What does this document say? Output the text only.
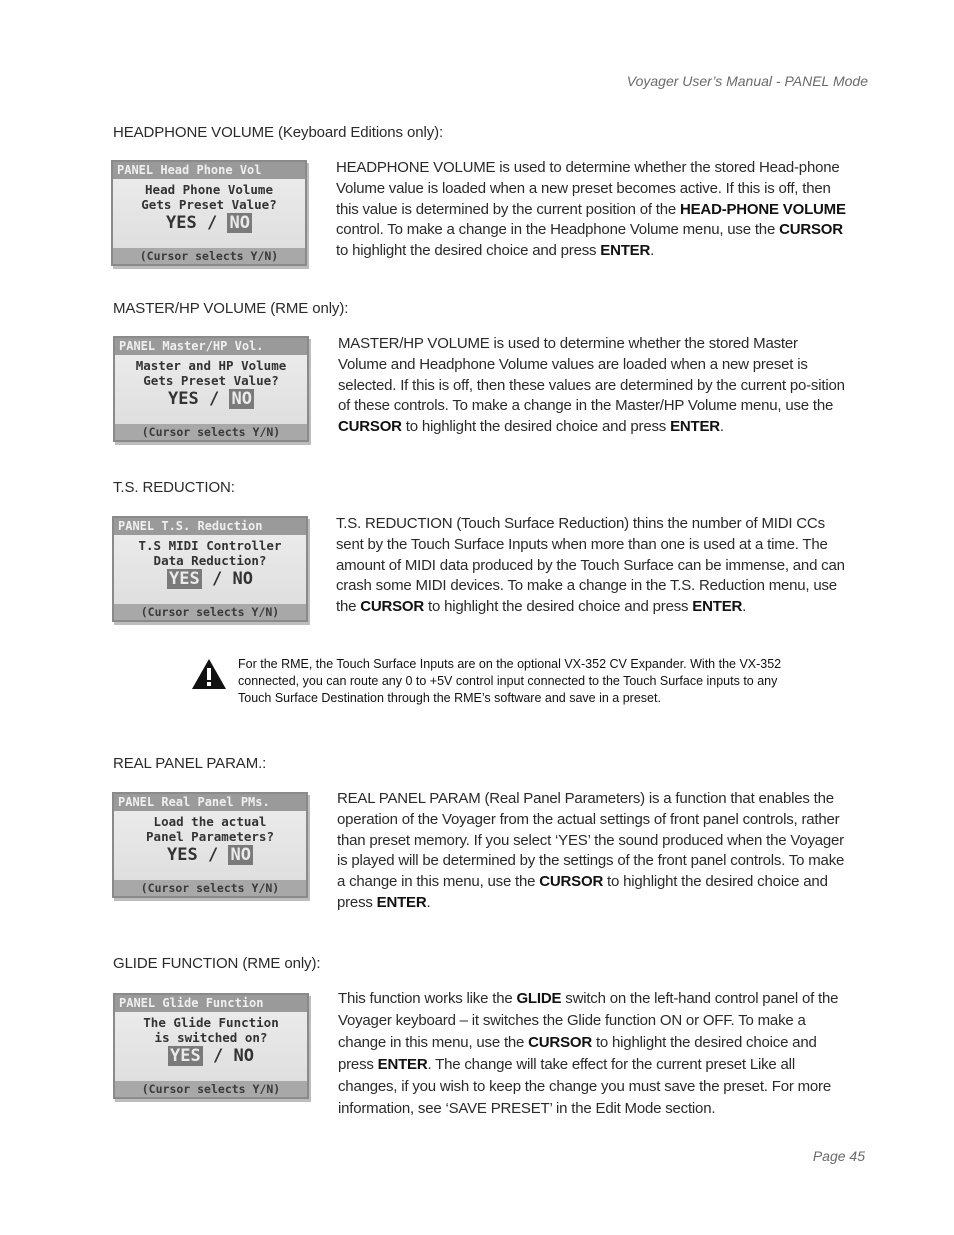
Voyager User’s Manual - PANEL Mode
HEADPHONE VOLUME (Keyboard Editions only):
PANEL Head Phone Vol
Head Phone Volume
Gets Preset Value?
YES / NO
(Cursor selects Y/N)
HEADPHONE VOLUME is used to determine whether the stored Head-phone Volume value is loaded when a new preset becomes active. If this is off, then this value is determined by the current position of the HEAD-PHONE VOLUME control. To make a change in the Headphone Volume menu, use the CURSOR to highlight the desired choice and press ENTER.
MASTER/HP VOLUME (RME only):
PANEL Master/HP Vol.
Master and HP Volume
Gets Preset Value?
YES / NO
(Cursor selects Y/N)
MASTER/HP VOLUME is used to determine whether the stored Master Volume and Headphone Volume values are loaded when a new preset is selected. If this is off, then these values are determined by the current po-sition of these controls. To make a change in the Master/HP Volume menu, use the CURSOR to highlight the desired choice and press ENTER.
T.S. REDUCTION:
PANEL T.S. Reduction
T.S MIDI Controller
Data Reduction?
YES / NO
(Cursor selects Y/N)
T.S. REDUCTION (Touch Surface Reduction) thins the number of MIDI CCs sent by the Touch Surface Inputs when more than one is used at a time. The amount of MIDI data produced by the Touch Surface can be immense, and can crash some MIDI devices. To make a change in the T.S. Reduction menu, use the CURSOR to highlight the desired choice and press ENTER.
For the RME, the Touch Surface Inputs are on the optional VX-352 CV Expander. With the VX-352 connected, you can route any 0 to +5V control input connected to the Touch Surface inputs to any Touch Surface Destination through the RME’s software and save in a preset.
REAL PANEL PARAM.:
PANEL Real Panel PMs.
Load the actual
Panel Parameters?
YES / NO
(Cursor selects Y/N)
REAL PANEL PARAM (Real Panel Parameters) is a function that enables the operation of the Voyager from the actual settings of front panel controls, rather than preset memory. If you select ‘YES’ the sound produced when the Voyager is played will be determined by the settings of the front panel controls. To make a change in this menu, use the CURSOR to highlight the desired choice and press ENTER.
GLIDE FUNCTION (RME only):
PANEL Glide Function
The Glide Function
is switched on?
YES / NO
(Cursor selects Y/N)
This function works like the GLIDE switch on the left-hand control panel of the Voyager keyboard – it switches the Glide function ON or OFF. To make a change in this menu, use the CURSOR to highlight the desired choice and press ENTER. The change will take effect for the current preset Like all changes, if you wish to keep the change you must save the preset. For more information, see ‘SAVE PRESET’ in the Edit Mode section.
Page 45
